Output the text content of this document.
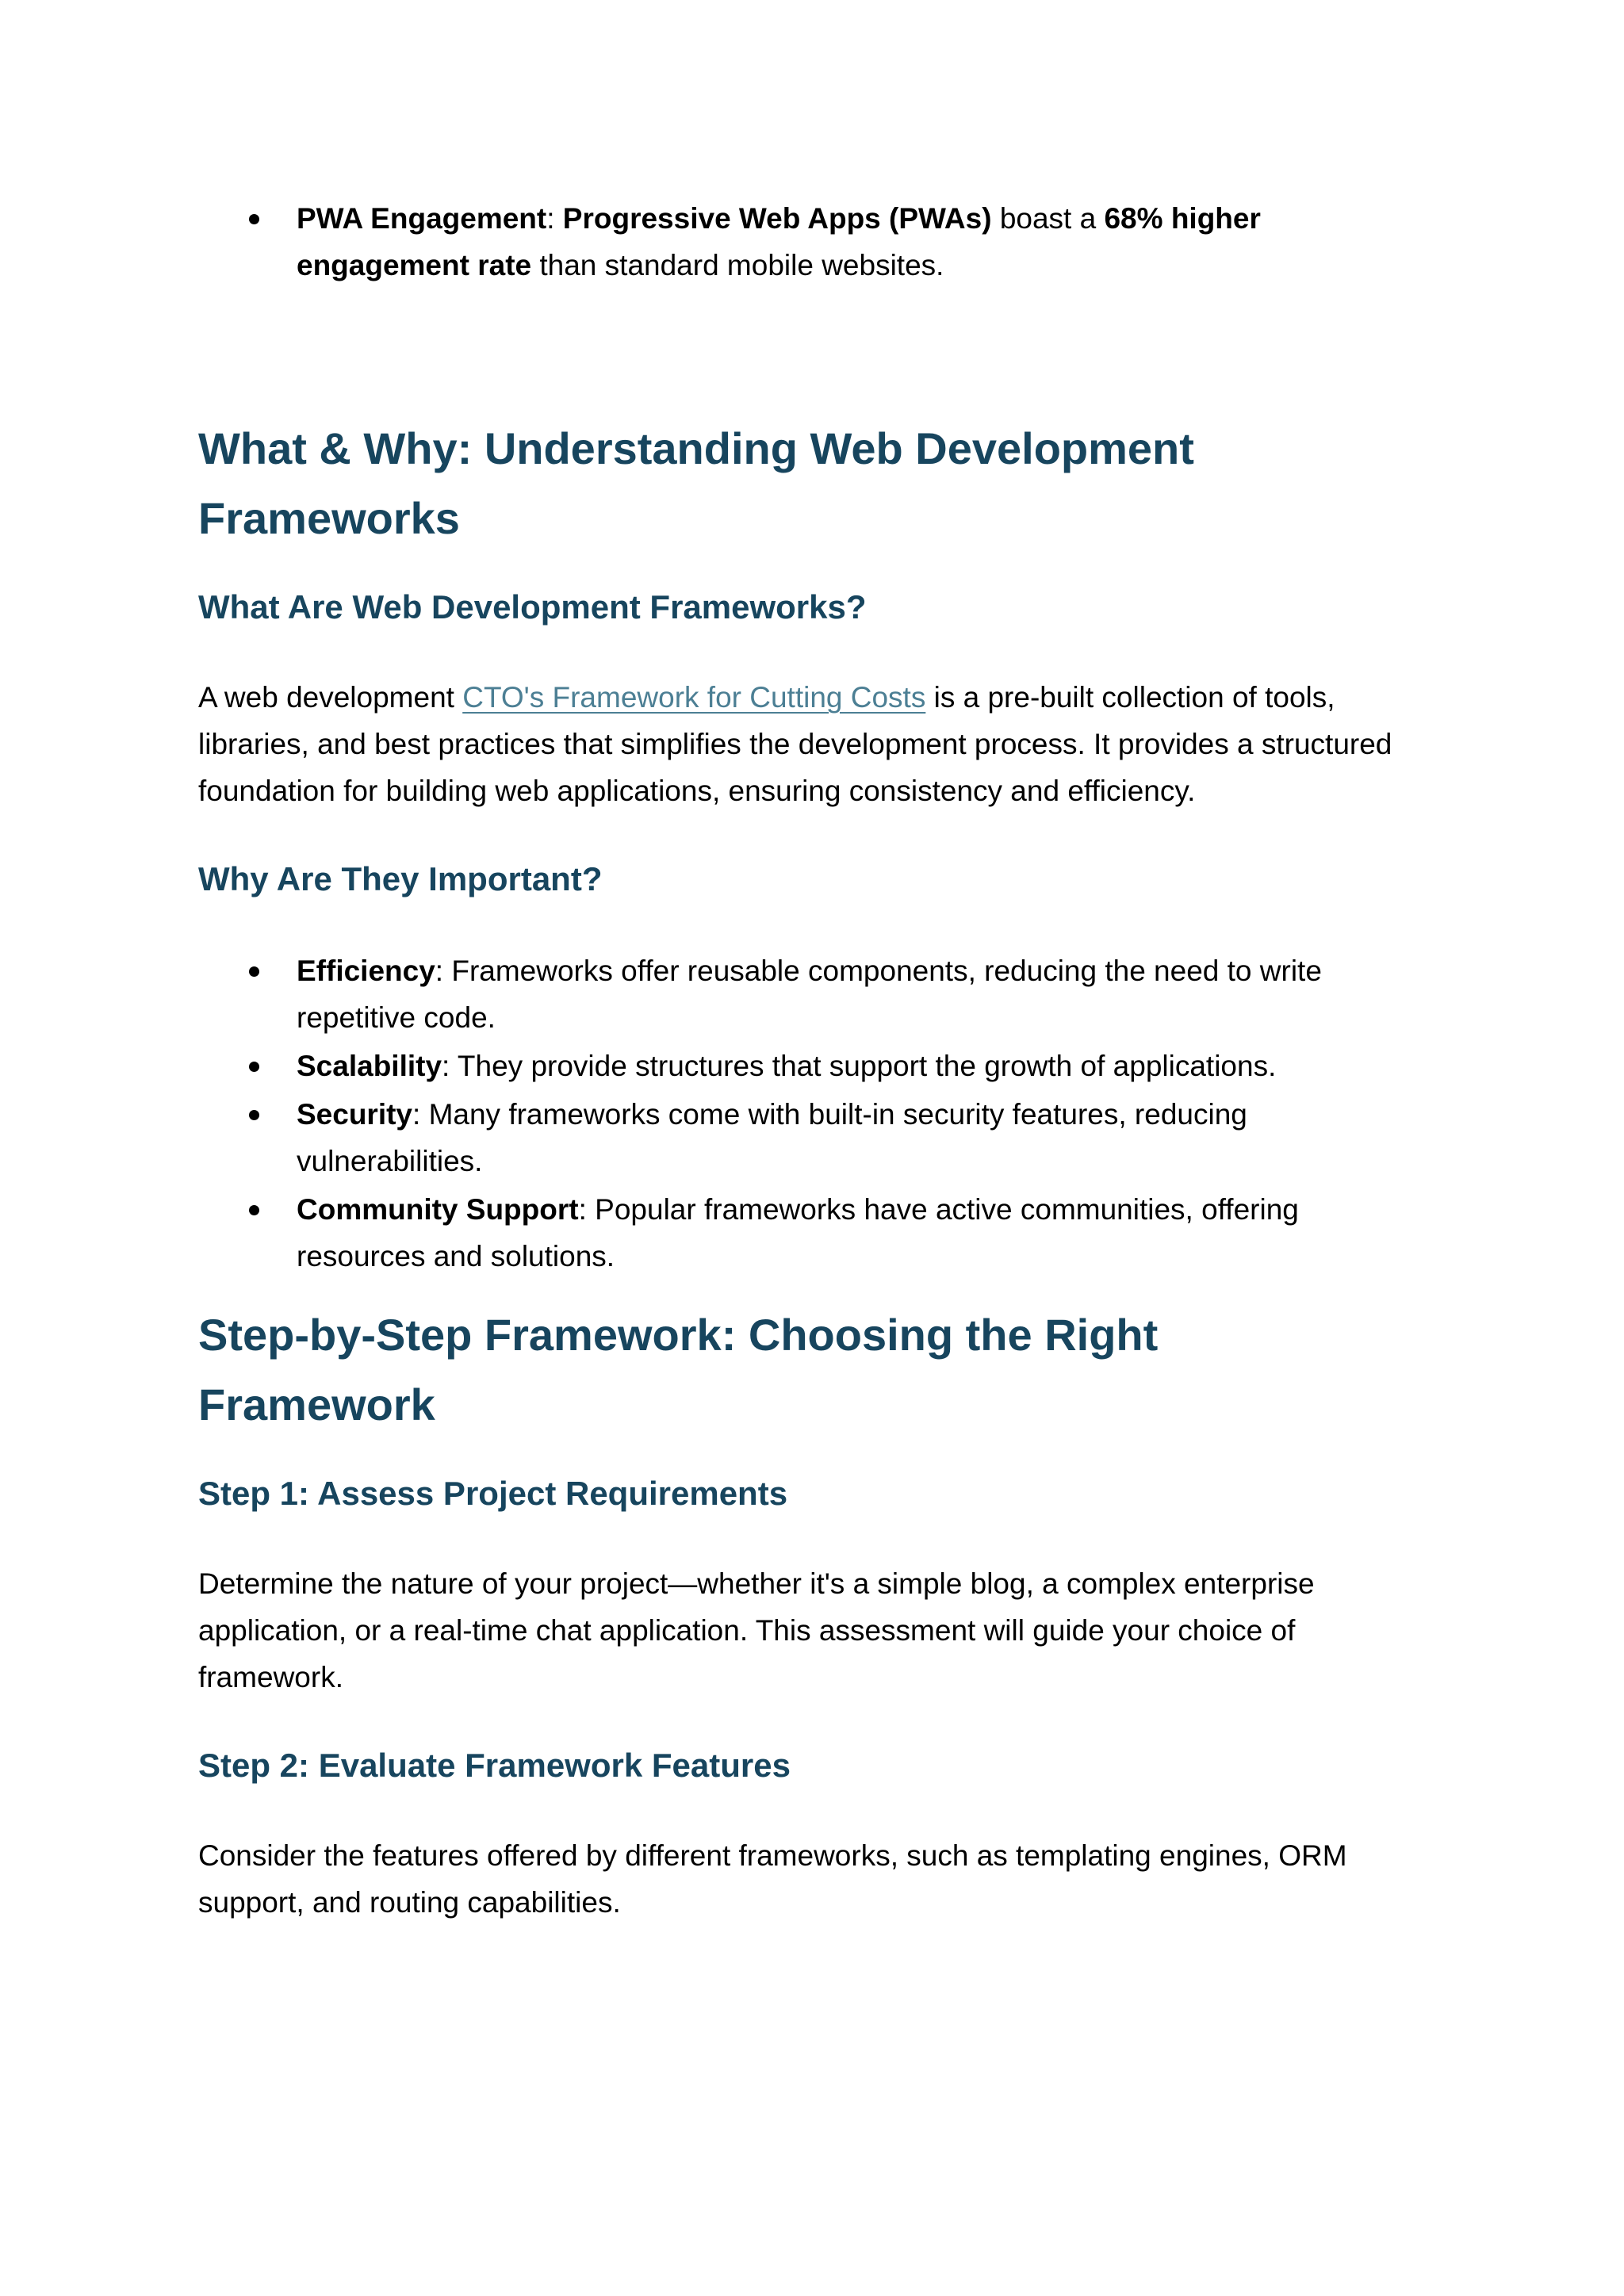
PWA Engagement: Progressive Web Apps (PWAs) boast a 68% higher engagement rate than standard mobile websites.
What & Why: Understanding Web Development Frameworks
What Are Web Development Frameworks?

A web development CTO's Framework for Cutting Costs is a pre-built collection of tools, libraries, and best practices that simplifies the development process. It provides a structured foundation for building web applications, ensuring consistency and efficiency.

Why Are They Important?
Efficiency: Frameworks offer reusable components, reducing the need to write repetitive code.
Scalability: They provide structures that support the growth of applications.
Security: Many frameworks come with built-in security features, reducing vulnerabilities.
Community Support: Popular frameworks have active communities, offering resources and solutions.
Step-by-Step Framework: Choosing the Right Framework
Step 1: Assess Project Requirements

Determine the nature of your project—whether it's a simple blog, a complex enterprise application, or a real-time chat application. This assessment will guide your choice of framework.

Step 2: Evaluate Framework Features

Consider the features offered by different frameworks, such as templating engines, ORM support, and routing capabilities.
